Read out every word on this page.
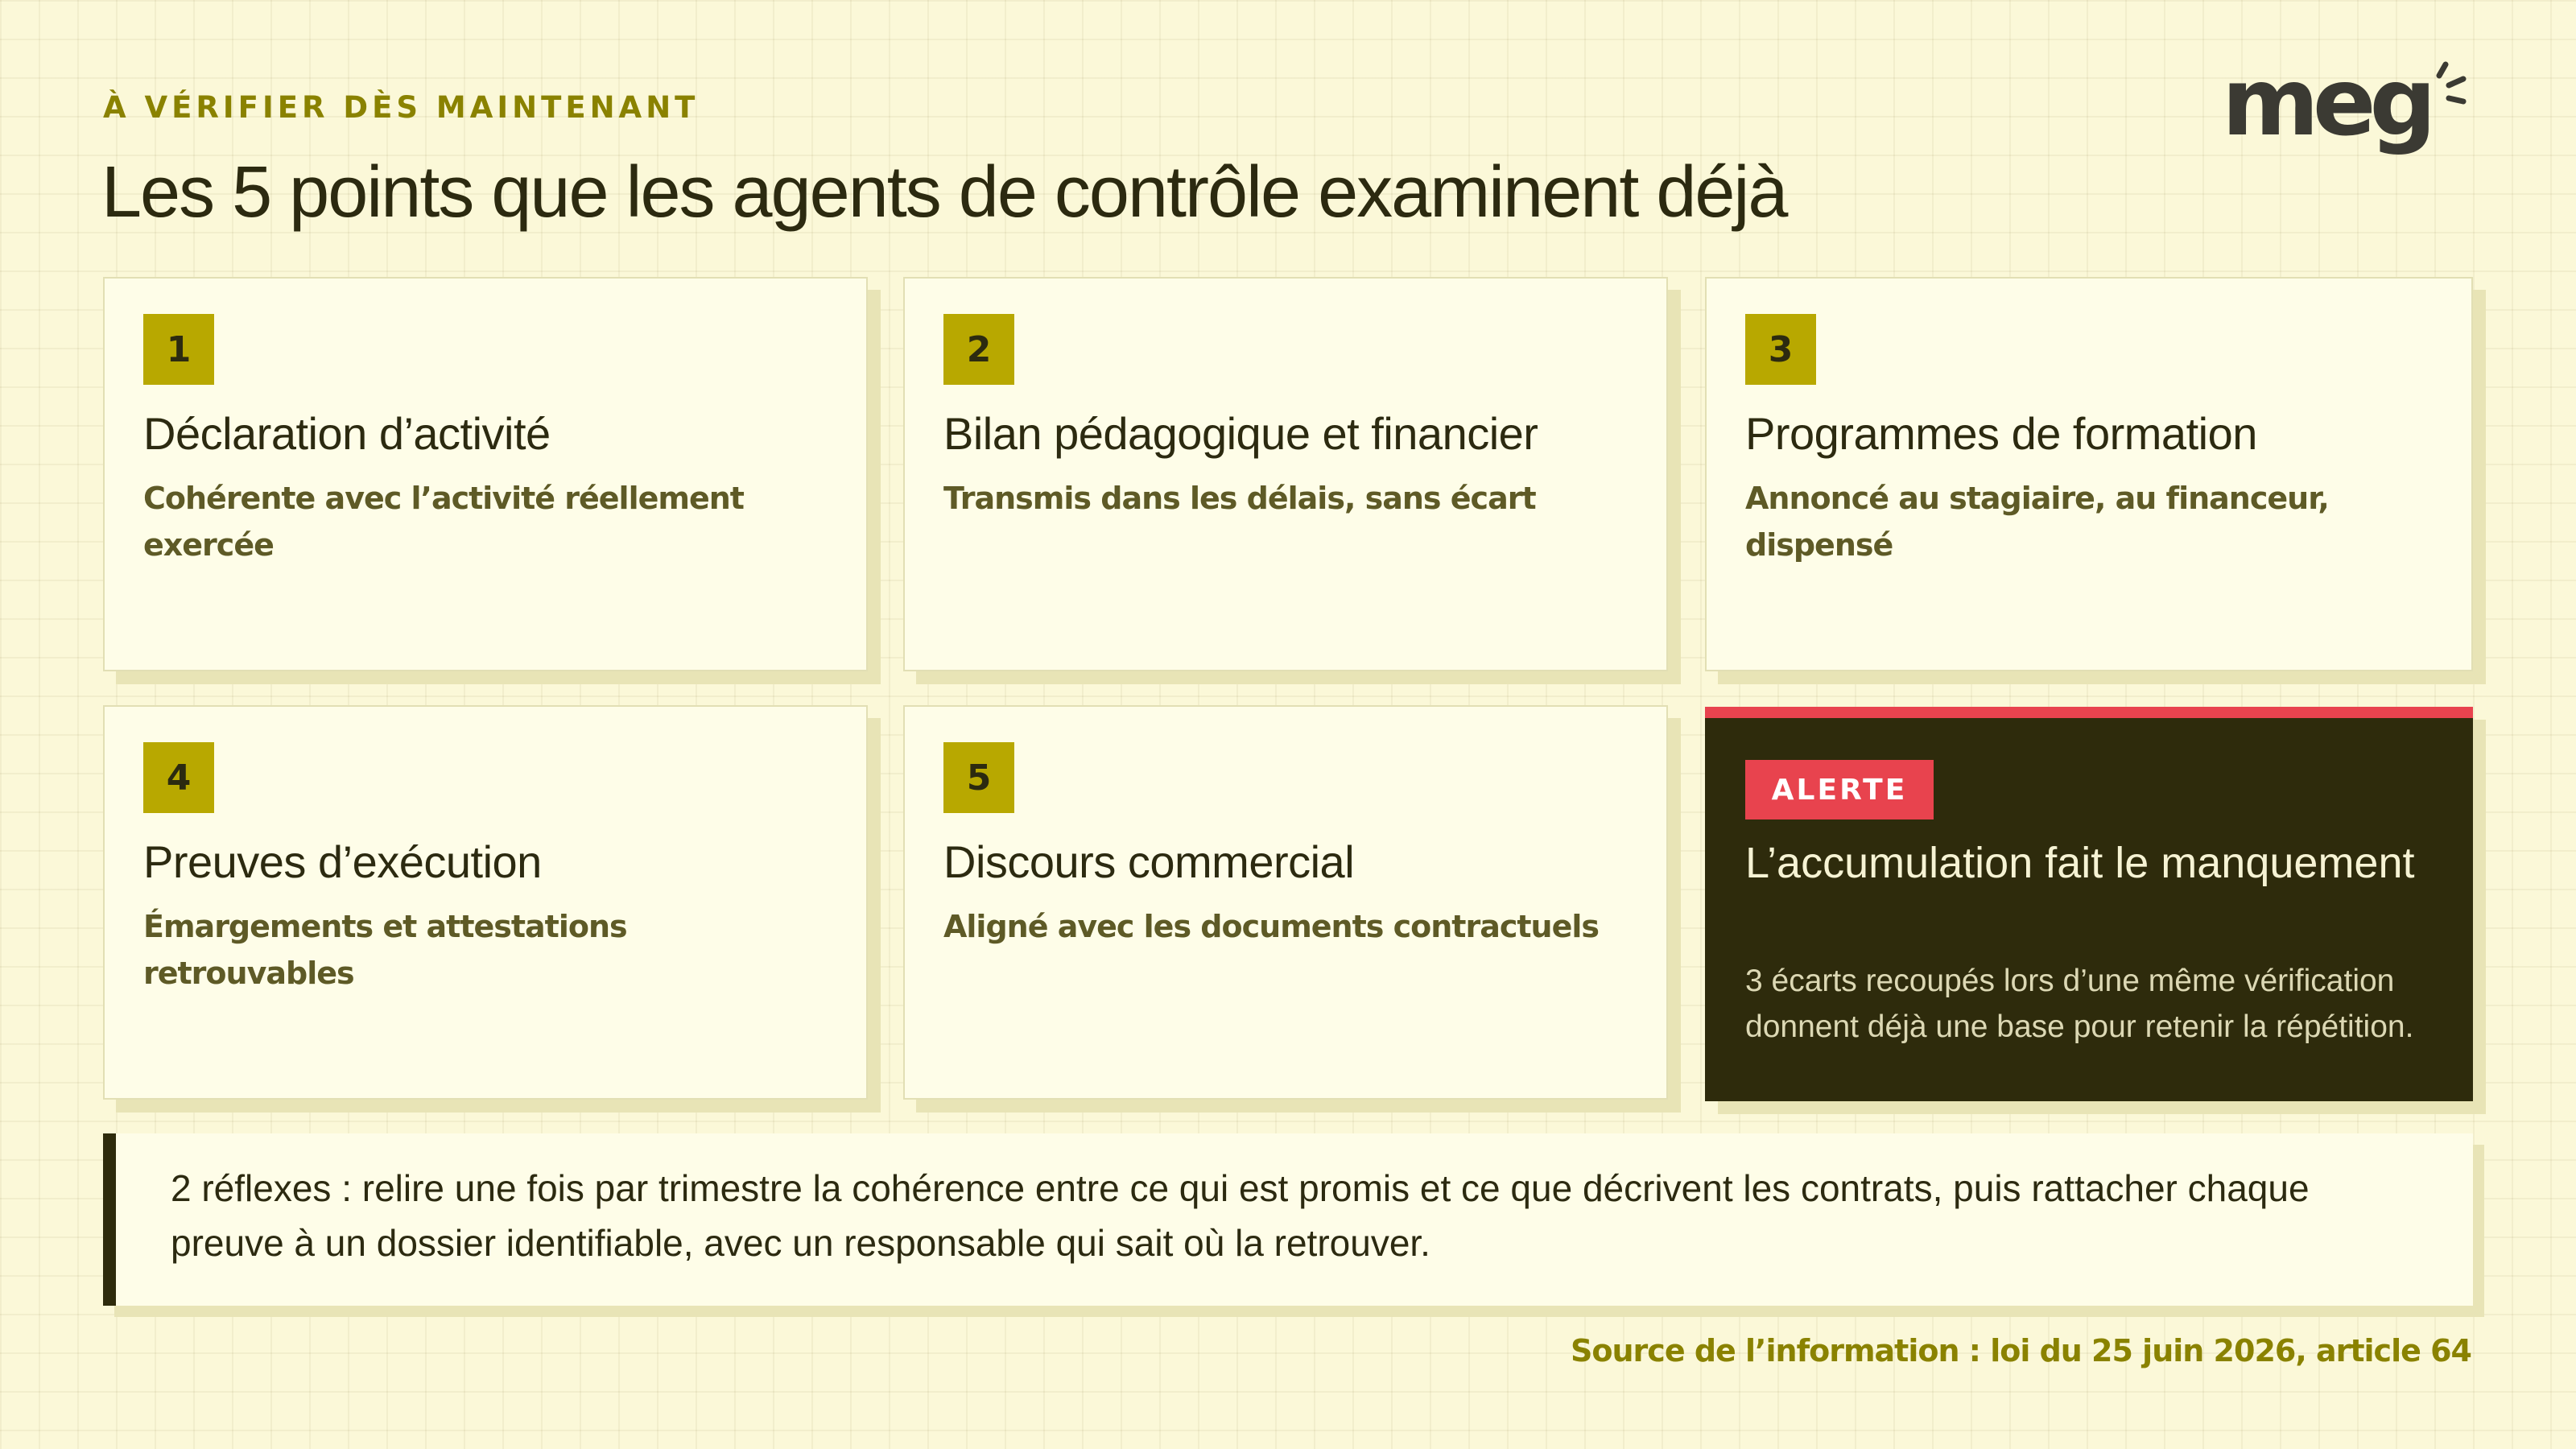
À VÉRIFIER DÈS MAINTENANT
Les 5 points que les agents de contrôle examinent déjà
meg
1
Déclaration d’activité
Cohérente avec l’activité réellement exercée
2
Bilan pédagogique et financier
Transmis dans les délais, sans écart
3
Programmes de formation
Annoncé au stagiaire, au financeur, dispensé
4
Preuves d’exécution
Émargements et attestations retrouvables
5
Discours commercial
Aligné avec les documents contractuels
ALERTE
L’accumulation fait le manquement
3 écarts recoupés lors d’une même vérification donnent déjà une base pour retenir la répétition.
2 réflexes : relire une fois par trimestre la cohérence entre ce qui est promis et ce que décrivent les contrats, puis rattacher chaque preuve à un dossier identifiable, avec un responsable qui sait où la retrouver.
Source de l’information : loi du 25 juin 2026, article 64
